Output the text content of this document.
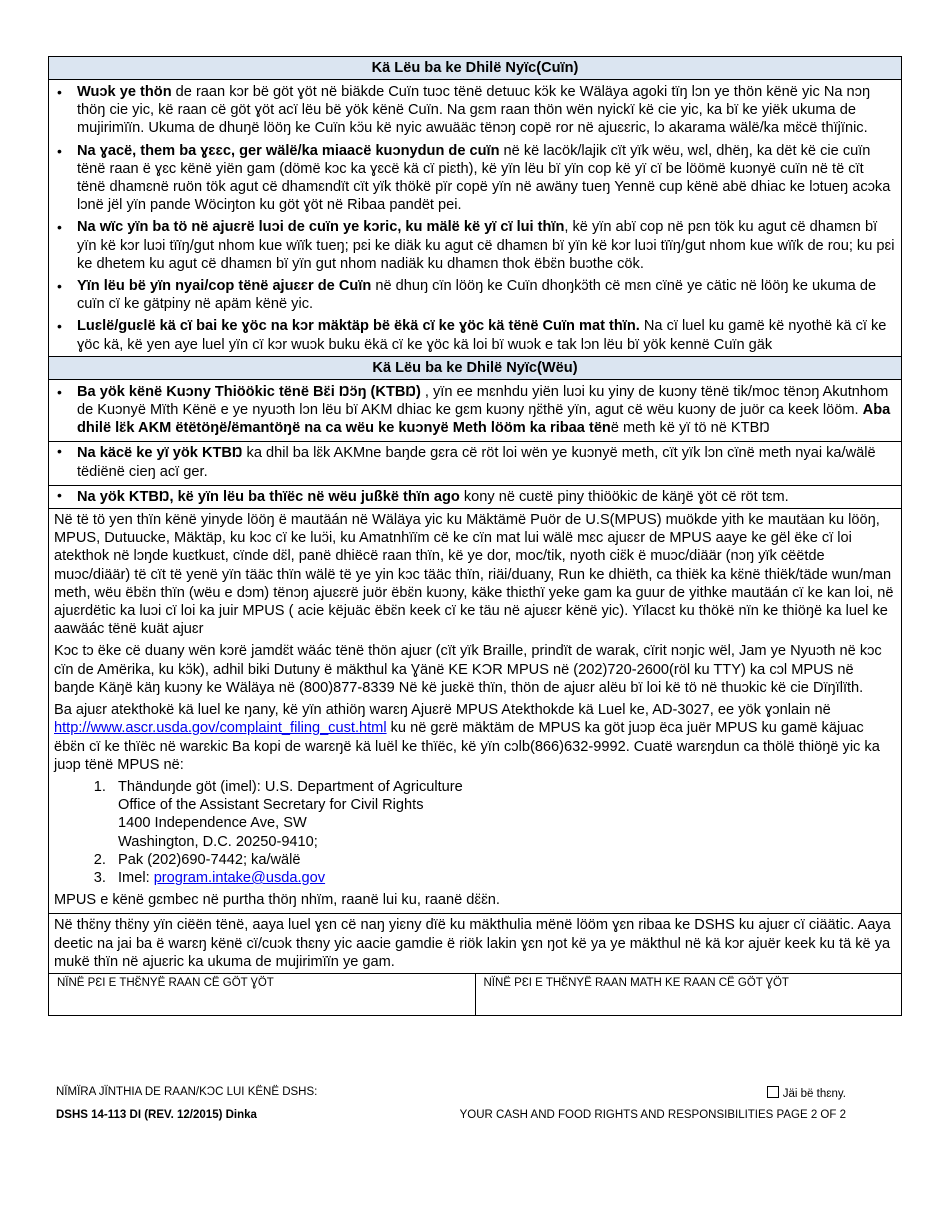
Kä Lëu ba ke Dhilë Nyïc(Cuïn)
• Wuɔk ye thön de raan kɔr bë göt ɣöt në biäkde Cuïn tuɔc tënë detuuc kɔ̈k ke Wäläya agoki tïŋ lɔn ye thön kënë yic Na nɔŋ thöŋ cie yic, kë raan cë göt ɣöt acï lëu bë yök kënë Cuïn. Na gɛm raan thön wën nyickï kë cie yic, ka bï ke yiëk ukuma de mujirimïïn. Ukuma de dhuŋë lööŋ ke Cuïn kɔ̈u kë nyic awuääc tënɔŋ copë ror në ajuɛɛric, lɔ akarama wälë/ka mɛ̈cë thïjïnic.
• Na ɣacë, them ba ɣɛɛc, ger wälë/ka miaacë kuɔnydun de cuïn në kë lacök/lajik cït yïk wëu, wɛl, dhëŋ, ka dët kë cie cuïn tënë raan ë ɣɛc kënë yiën gam (dömë kɔc ka ɣɛcë kä cï piɛth), kë yïn lëu bï yïn cop kë yï cï be löömë kuɔnyë cuïn në të cït tënë dhamɛnë ruön tök agut cë dhamɛndït cït yïk thökë pïr copë yïn në awäny tueŋ Yennë cup kënë abë dhiac ke lɔtueŋ acɔka lɔnë jël yïn pande Wöciŋton ku göt ɣöt në Ribaa pandët pei.
• Na wïc yïn ba tö në ajuɛrë luɔi de cuïn ye kɔric, ku mälë kë yï cï lui thïn, kë yïn abï cop në pɛn tök ku agut cë dhamɛn bï yïn kë kɔr luɔi tïïŋ/gut nhom kue wïïk tueŋ; pɛi ke diäk ku agut cë dhamɛn bï yïn kë kɔr luɔi tïïŋ/gut nhom kue wïïk de rou; ku pɛi ke dhetem ku agut cë dhamɛn bï yïn gut nhom nadiäk ku dhamɛn thok ëbɛ̈n buɔthe cök.
• Yïn lëu bë yïn nyai/cop tënë ajuɛɛr de Cuïn në dhuŋ cïn lööŋ ke Cuïn dhoŋkɔ̈th cë mɛn cïnë ye cätic në lööŋ ke ukuma de cuïn cï ke gätpiny në apäm kënë yic.
• Luɛlë/guɛlë kä cï bai ke ɣöc na kɔr mäktäp bë ëkä cï ke ɣöc kä tënë Cuïn mat thïn. Na cï luel ku gamë kë nyothë kä cï ke ɣöc kä, kë yen aye luel yïn cï kɔr wuɔk buku ëkä cï ke ɣöc kä loi bï wuɔk e tak lɔn lëu bï yök kennë Cuïn gäk
Kä Lëu ba ke Dhilë Nyïc(Wëu)
• Ba yök kënë Kuɔny Thiöökic tënë Bɛ̈i Ŋɔ̈ŋ (KTBŊ) , yïn ee mɛnhdu yiën luɔi ku yiny de kuɔny tënë tik/moc tënɔŋ Akutnhom de Kuɔnyë Mïth Kënë e ye nyuɔth lɔn lëu bï AKM dhiac ke gɛm kuɔny ŋɛ̈thë yïn, agut cë wëu kuɔny de juör ca keek lööm. Aba dhilë lɛ̈k AKM ëtëtöŋë/ëmantöŋë na ca wëu ke kuɔnyë Meth lööm ka ribaa tënë meth kë yï tö në KTBŊ
• Na käcë ke yï yök KTBŊ ka dhil ba lɛ̈k AKMne baŋde gɛra cë röt loi wën ye kuɔnyë meth, cït yïk lɔn cïnë meth nyai ka/wälë tëdiënë cieŋ acï ger.
• Na yök KTBŊ, kë yïn lëu ba thïëc në wëu jußkë thïn ago kony në cuɛtë piny thiöökic de käŋë ɣöt cë röt tɛm.

Në të tö yen thïn kënë yinyde lööŋ ë mautäán në Wäläya yic ku Mäktämë Puör de U.S(MPUS) muökde yith ke mautäan ku lööŋ, MPUS, Dutuucke, Mäktäp, ku kɔc cï ke luɔ̈i, ku Amatnhïïm cë ke cïn mat lui wälë mɛc ajuɛɛr de MPUS aaye ke gël ëke cï loi atekthok në lɔŋde kuɛtkuɛt, cïnde dɛ̈l, panë dhiëcë raan thïn, kë ye dor, moc/tik, nyoth ciɛ̈k ë muɔc/diäär (nɔŋ yïk cëëtde muɔc/diäär) të cït të yenë yïn tääc thïn wälë të ye yin kɔc tääc thïn, riäi/duany, Run ke dhiëth, ca thiëk ka kɛ̈në thiëk/täde wun/man meth, wëu ëbɛ̈n thïn (wëu e dɔm) tënɔŋ ajuɛɛrë juör ëbɛ̈n kuɔny, käke thiɛthï yeke gam ka guur de yithke mautäán cï ke kan loi, në ajuɛrdëtic ka luɔi cï loi ka juir MPUS ( acie këjuäc ëbɛ̈n keek cï ke täu në ajuɛɛr kënë yic). Yïlacɛt ku thökë nïn ke thiöŋë ka luel ke aawäác tënë kuät ajuɛr

Kɔc tɔ ëke cë duany wën kɔrë jamdɛ̈t wäác tënë thön ajuɛr (cït yïk Braille, prindït de warak, cïrit nɔŋic wël, Jam ye Nyuɔth në kɔc cïn de Amërika, ku kɔ̈k), adhil biki Dutuny ë mäkthul ka Ɣänë KE KƆR MPUS në (202)720-2600(röl ku TTY) ka cɔl MPUS në baŋde Käŋë käŋ kuɔny ke Wäläya në (800)877-8339 Në kë juɛkë thïn, thön de ajuɛr alëu bï loi kë tö në thuɔkic kë cie Dïŋïlïth.

Ba ajuɛr atekthokë kä luel ke ŋany, kë yïn athiöŋ warɛŋ Ajuɛrë MPUS Atekthokde kä Luel ke, AD-3027, ee yök ɣɔnlain në http://www.ascr.usda.gov/complaint_filing_cust.html ku në gɛrë mäktäm de MPUS ka göt juɔp ëca juër MPUS ku gamë käjuac ëbɛ̈n cï ke thïëc në warɛkic Ba kopi de warɛŋë kä luël ke thïëc, kë yïn cɔlb(866)632-9992. Cuatë warɛŋdun ca thölë thiöŋë yic ka juɔp tënë MPUS në:

1. Thänduŋde göt (imel): U.S. Department of Agriculture
Office of the Assistant Secretary for Civil Rights
1400 Independence Ave, SW
Washington, D.C. 20250-9410;
2. Pak (202)690-7442; ka/wälë
3. Imel: program.intake@usda.gov

MPUS e kënë gɛmbec në purtha thöŋ nhïm, raanë lui ku, raanë dɛ̈ɛ̈n.

Në thɛ̈ny thɛ̈ny yïn ciëën tënë, aaya luel ɣɛn cë naŋ yiɛny dïë ku mäkthulia mënë lööm ɣɛn ribaa ke DSHS ku ajuɛr cï ciäätic. Aaya deetic na jai ba ë warɛŋ kënë cï/cuɔk thɛny yic aacie gamdie ë riök lakin ɣɛn ŋot kë ya ye mäkthul në kä kɔr ajuër keek ku tä kë ya mukë thïn në ajuɛric ka ukuma de mujirimïïn ye gam.

NÏNË PƐI E THƐ̈NYË RAAN CË GÖT ƔÖT	NÏNË PƐI E THƐ̈NYË RAAN MATH KE RAAN CË GÖT ƔÖT
NÏMÏRA JÏNTHIA DE RAAN/KƆC LUI KËNË DSHS:	Jäi bë thɛny.
DSHS 14-113 DI (REV. 12/2015) Dinka	YOUR CASH AND FOOD RIGHTS AND RESPONSIBILITIES PAGE 2 OF 2
